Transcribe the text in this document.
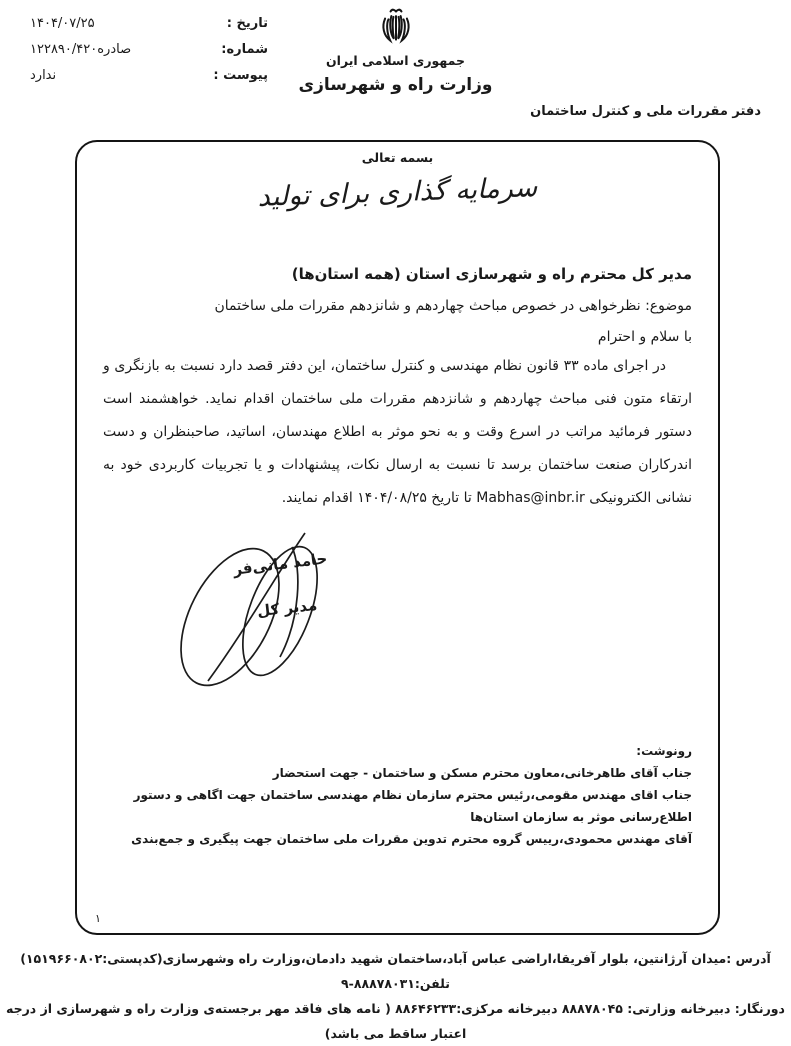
جمهوری اسلامی ایران
وزارت راه و شهرسازی
تاریخ :
۱۴۰۴/۰۷/۲۵
شماره:
۱۲۲۸۹۰/۴۲۰صادره
پیوست :
ندارد
دفتر مقررات ملی و کنترل ساختمان
بسمه تعالی
سرمایه گذاری برای تولید
مدیر کل محترم راه و شهرسازی استان (همه استان‌ها)
موضوع: نظرخواهی در خصوص مباحث چهاردهم و شانزدهم مقررات ملی ساختمان
با سلام و احترام
در اجرای ماده ۳۳ قانون نظام مهندسی و کنترل ساختمان، این دفتر قصد دارد نسبت به بازنگری و ارتقاء متون فنی مباحث چهاردهم و شانزدهم مقررات ملی ساختمان اقدام نماید. خواهشمند است دستور فرمائید مراتب در اسرع وقت و به نحو موثر به اطلاع مهندسان، اساتید، صاحبنظران و دست اندرکاران صنعت ساختمان برسد تا نسبت به ارسال نکات، پیشنهادات و یا تجربیات کاربردی خود به نشانی الکترونیکی Mabhas@inbr.ir تا تاریخ ۱۴۰۴/۰۸/۲۵ اقدام نمایند.
حامد مانی‌فر
مدیر کل
رونوشت:
جناب آقای طاهرخانی،معاون محترم مسکن و ساختمان - جهت استحضار
جناب اقای مهندس مقومی،رئیس محترم سازمان نظام مهندسی ساختمان جهت اگاهی و دستور اطلاع‌رسانی موثر به سازمان استان‌ها
آقای مهندس محمودی،رییس گروه محترم تدوین مقررات ملی ساختمان جهت پیگیری و جمع‌بندی
۱
آدرس :میدان آرژانتین، بلوار آفریقا،اراضی عباس آباد،ساختمان شهید دادمان،وزارت راه وشهرسازی(کدپستی:۱۵۱۹۶۶۰۸۰۲) تلفن:۸۸۸۷۸۰۳۱-۹
دورنگار: دبیرخانه وزارتی: ۸۸۸۷۸۰۴۵ دبیرخانه مرکزی:۸۸۶۴۶۲۳۳ ( نامه های فاقد مهر برجسته‌ی وزارت راه و شهرسازی از درجه اعتبار ساقط می باشد)
